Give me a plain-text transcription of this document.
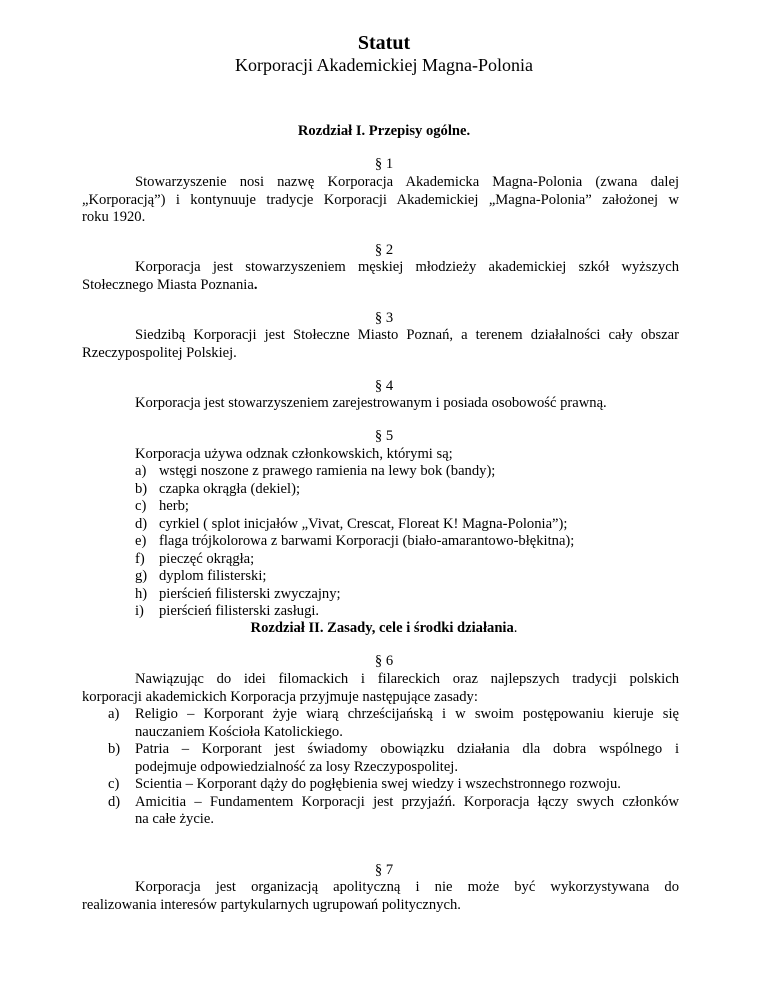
Statut
Korporacji Akademickiej Magna-Polonia
Rozdział I. Przepisy ogólne.
§ 1
Stowarzyszenie nosi nazwę Korporacja Akademicka Magna-Polonia (zwana dalej
„Korporacją”) i kontynuuje tradycje Korporacji Akademickiej „Magna-Polonia” założonej w
roku 1920.
§ 2
Korporacja jest stowarzyszeniem męskiej młodzieży akademickiej szkół wyższych
Stołecznego Miasta Poznania.
§ 3
Siedzibą Korporacji jest Stołeczne Miasto Poznań, a terenem działalności cały obszar
Rzeczypospolitej Polskiej.
§ 4
Korporacja jest stowarzyszeniem zarejestrowanym i posiada osobowość prawną.
§ 5
Korporacja używa odznak członkowskich, którymi są;
a) wstęgi noszone z prawego ramienia na lewy bok (bandy);
b) czapka okrągła (dekiel);
c) herb;
d) cyrkiel ( splot inicjałów „Vivat, Crescat, Floreat K! Magna-Polonia”);
e) flaga trójkolorowa z barwami Korporacji (biało-amarantowo-błękitna);
f) pieczęć okrągła;
g) dyplom filisterski;
h) pierścień filisterski zwyczajny;
i) pierścień filisterski zasługi.
Rozdział II. Zasady, cele i środki działania.
§ 6
Nawiązując do idei filomackich i filareckich oraz najlepszych tradycji polskich
korporacji akademickich Korporacja przyjmuje następujące zasady:
a) Religio – Korporant żyje wiarą chrześcijańską i w swoim postępowaniu kieruje się
nauczaniem Kościoła Katolickiego.
b) Patria – Korporant jest świadomy obowiązku działania dla dobra wspólnego i
podejmuje odpowiedzialność za losy Rzeczypospolitej.
c) Scientia – Korporant dąży do pogłębienia swej wiedzy i wszechstronnego rozwoju.
d) Amicitia – Fundamentem Korporacji jest przyjaźń. Korporacja łączy swych członków
na całe życie.
§ 7
Korporacja jest organizacją apolityczną i nie może być wykorzystywana do
realizowania interesów partykularnych ugrupowań politycznych.
